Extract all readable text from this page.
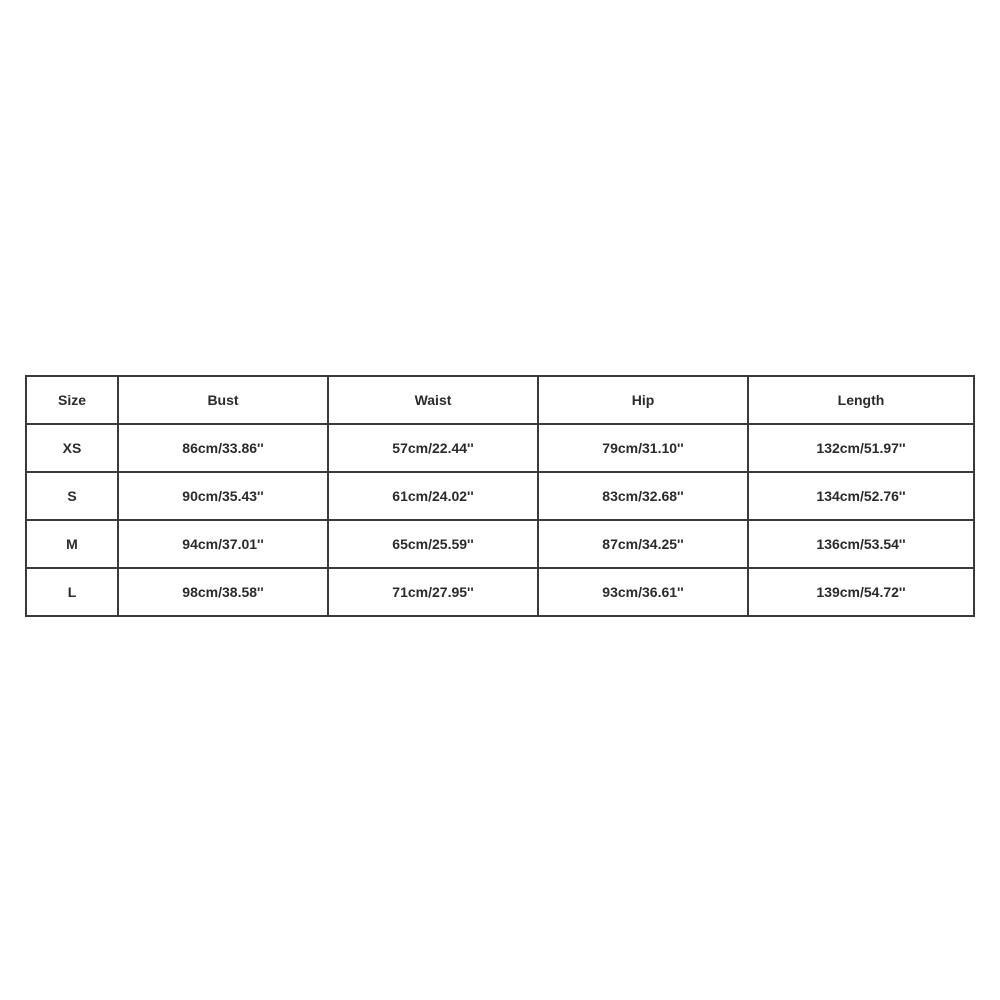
Size	Bust	Waist	Hip	Length
XS	86cm/33.86''	57cm/22.44''	79cm/31.10''	132cm/51.97''
S	90cm/35.43''	61cm/24.02''	83cm/32.68''	134cm/52.76''
M	94cm/37.01''	65cm/25.59''	87cm/34.25''	136cm/53.54''
L	98cm/38.58''	71cm/27.95''	93cm/36.61''	139cm/54.72''
